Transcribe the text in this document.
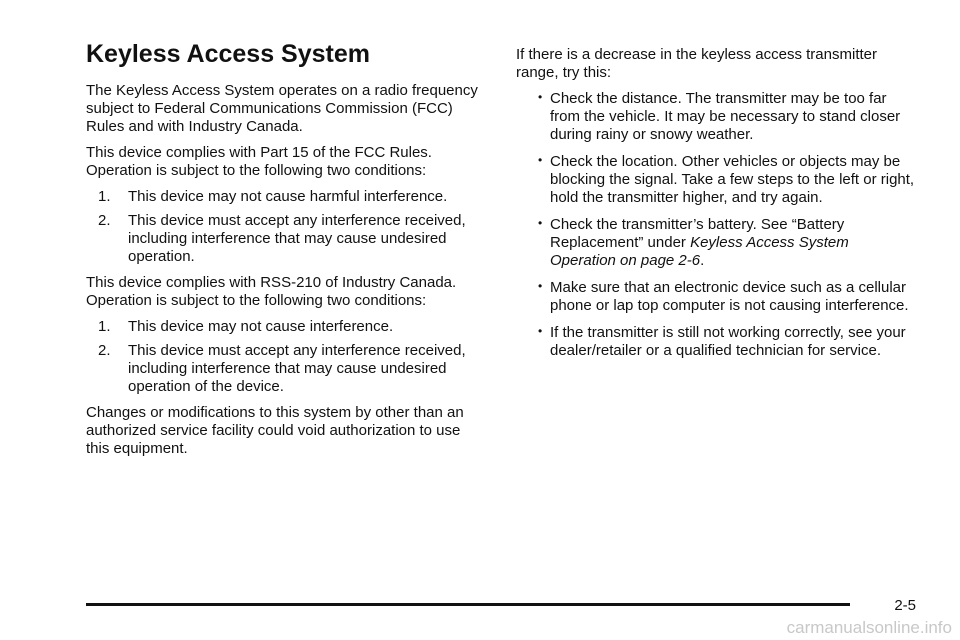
Keyless Access System

The Keyless Access System operates on a radio frequency subject to Federal Communications Commission (FCC) Rules and with Industry Canada.

This device complies with Part 15 of the FCC Rules. Operation is subject to the following two conditions:

1. This device may not cause harmful interference.
2. This device must accept any interference received, including interference that may cause undesired operation.

This device complies with RSS-210 of Industry Canada. Operation is subject to the following two conditions:

1. This device may not cause interference.
2. This device must accept any interference received, including interference that may cause undesired operation of the device.

Changes or modifications to this system by other than an authorized service facility could void authorization to use this equipment.

If there is a decrease in the keyless access transmitter range, try this:

• Check the distance. The transmitter may be too far from the vehicle. It may be necessary to stand closer during rainy or snowy weather.
• Check the location. Other vehicles or objects may be blocking the signal. Take a few steps to the left or right, hold the transmitter higher, and try again.
• Check the transmitter’s battery. See “Battery Replacement” under Keyless Access System Operation on page 2-6.
• Make sure that an electronic device such as a cellular phone or lap top computer is not causing interference.
• If the transmitter is still not working correctly, see your dealer/retailer or a qualified technician for service.
2-5
carmanualsonline.info
